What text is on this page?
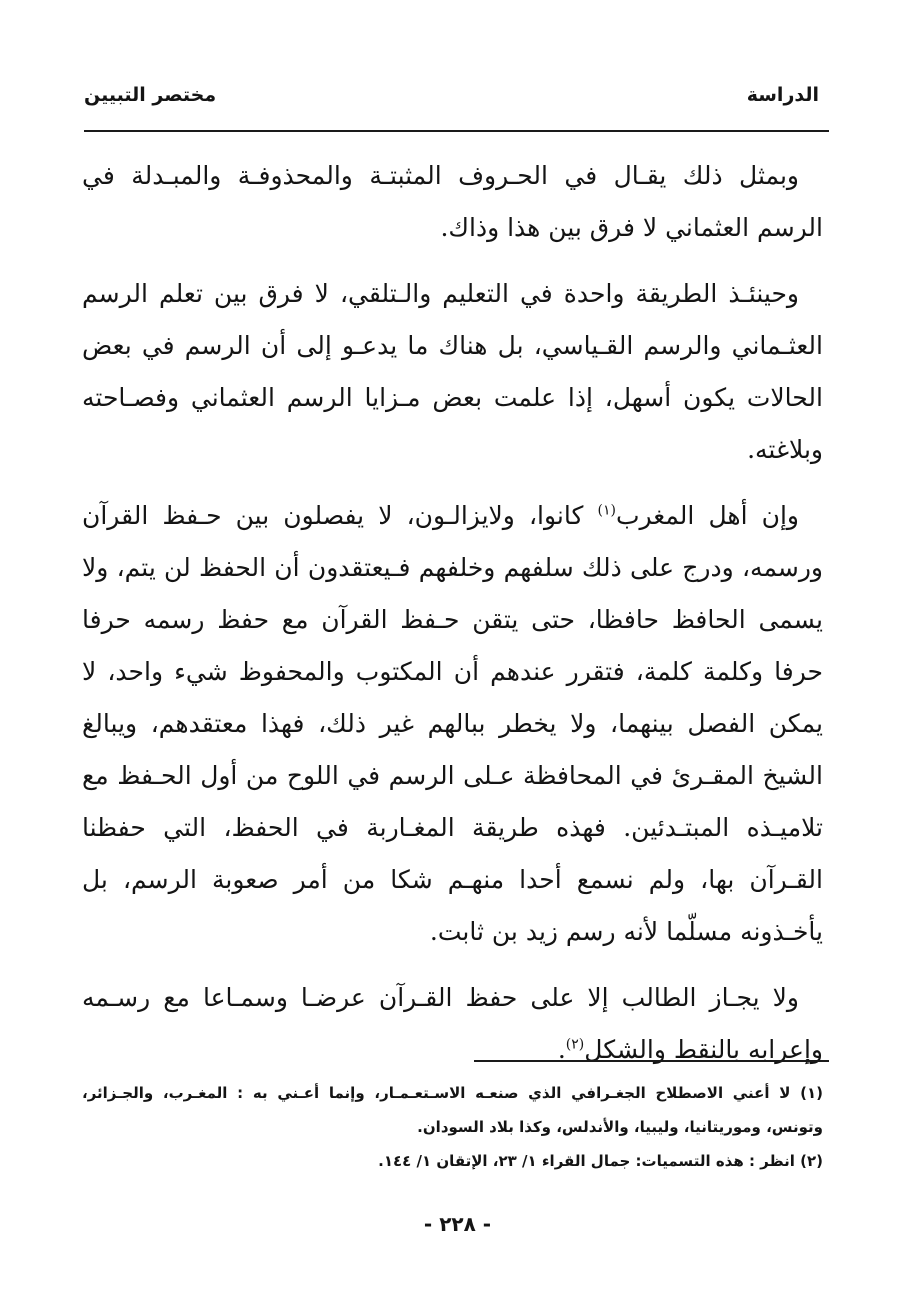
الدراسة
مختصر التبيين

وبمثل ذلك يقـال في الحـروف المثبتـة والمحذوفـة والمبـدلة في الرسم العثماني لا فرق بين هذا وذاك.

وحينئـذ الطريقة واحدة في التعليم والـتلقي، لا فرق بين تعلم الرسم العثـماني والرسم القـياسي، بل هناك ما يدعـو إلى أن الرسم في بعض الحالات يكون أسهل، إذا علمت بعض مـزايا الرسم العثماني وفصـاحته وبلاغته.

وإن أهل المغرب$^{(١)}$ كانوا، ولايزالـون، لا يفصلون بين حـفظ القرآن ورسمه، ودرج على ذلك سلفهم وخلفهم فـيعتقدون أن الحفظ لن يتم، ولا يسمى الحافظ حافظا، حتى يتقن حـفظ القرآن مع حفظ رسمه حرفا حرفا وكلمة كلمة، فتقرر عندهم أن المكتوب والمحفوظ شيء واحد، لا يمكن الفصل بينهما، ولا يخطر ببالهم غير ذلك، فهذا معتقدهم، ويبالغ الشيخ المقـرئ في المحافظة عـلى الرسم في اللوح من أول الحـفظ مع تلاميـذه المبتـدئين. فهذه طريقة المغـاربة في الحفظ، التي حفظنا القـرآن بها، ولم نسمع أحدا منهـم شكا من أمر صعوبة الرسم، بل يأخـذونه مسلّما لأنه رسم زيد بن ثابت.

ولا يجـاز الطالب إلا على حفظ القـرآن عرضـا وسمـاعا مع رسـمه وإعرابه بالنقط والشكل$^{(٢)}$.

(١) لا أعني الاصطلاح الجغـرافي الذي صنعـه الاسـتعـمـار، وإنما أعـني به : المغـرب، والجـزائر، وتونس، وموريتانيا، وليبيا، والأندلس، وكذا بلاد السودان.

(٢) انظر : هذه التسميات: جمال القراء ١/ ٢٣، الإتقان ١/ ١٤٤.

- ٢٢٨ -
